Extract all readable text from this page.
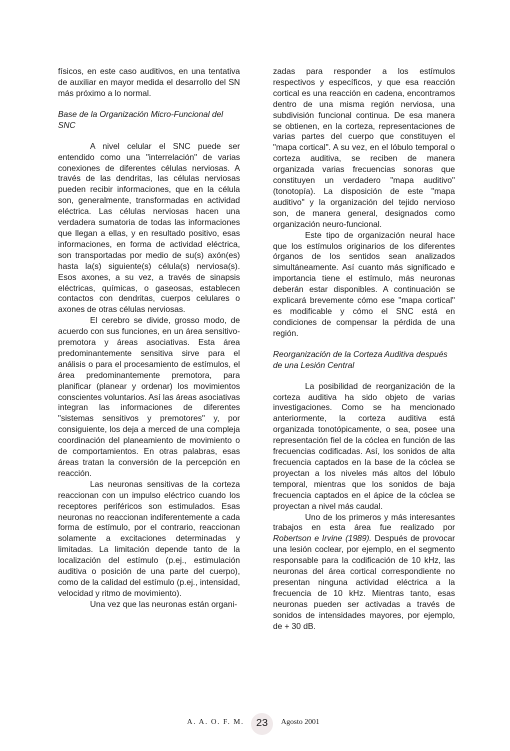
físicos, en este caso auditivos, en una tentativa de auxiliar en mayor medida el desarrollo del SN más próximo a lo normal.

Base de la Organización Micro-Funcional del SNC

A nivel celular el SNC puede ser entendido como una "interrelación" de varias conexiones de diferentes células nerviosas. A través de las dendritas, las células nerviosas pueden recibir informaciones, que en la célula son, generalmente, transformadas en actividad eléctrica. Las células nerviosas hacen una verdadera sumatoria de todas las informaciones que llegan a ellas, y en resultado positivo, esas informaciones, en forma de actividad eléctrica, son transportadas por medio de su(s) axón(es) hasta la(s) siguiente(s) célula(s) nerviosa(s). Esos axones, a su vez, a través de sinapsis eléctricas, químicas, o gaseosas, establecen contactos con dendritas, cuerpos celulares o axones de otras células nerviosas.

El cerebro se divide, grosso modo, de acuerdo con sus funciones, en un área sensitivo-premotora y áreas asociativas. Esta área predominantemente sensitiva sirve para el análisis o para el procesamiento de estímulos, el área predominantemente premotora, para planificar (planear y ordenar) los movimientos conscientes voluntarios. Así las áreas asociativas integran las informaciones de diferentes "sistemas sensitivos y premotores" y, por consiguiente, los deja a merced de una compleja coordinación del planeamiento de movimiento o de comportamientos. En otras palabras, esas áreas tratan la conversión de la percepción en reacción.

Las neuronas sensitivas de la corteza reaccionan con un impulso eléctrico cuando los receptores periféricos son estimulados. Esas neuronas no reaccionan indiferentemente a cada forma de estímulo, por el contrario, reaccionan solamente a excitaciones determinadas y limitadas. La limitación depende tanto de la localización del estímulo (p.ej., estimulación auditiva o posición de una parte del cuerpo), como de la calidad del estímulo (p.ej., intensidad, velocidad y ritmo de movimiento).

Una vez que las neuronas están organi-

zadas para responder a los estímulos respectivos y específicos, y que esa reacción cortical es una reacción en cadena, encontramos dentro de una misma región nerviosa, una subdivisión funcional continua. De esa manera se obtienen, en la corteza, representaciones de varias partes del cuerpo que constituyen el "mapa cortical". A su vez, en el lóbulo temporal o corteza auditiva, se reciben de manera organizada varias frecuencias sonoras que constituyen un verdadero "mapa auditivo" (tonotopía). La disposición de este "mapa auditivo" y la organización del tejido nervioso son, de manera general, designados como organización neuro-funcional.

Este tipo de organización neural hace que los estímulos originarios de los diferentes órganos de los sentidos sean analizados simultáneamente. Así cuanto más significado e importancia tiene el estímulo, más neuronas deberán estar disponibles. A continuación se explicará brevemente cómo ese "mapa cortical" es modificable y cómo el SNC está en condiciones de compensar la pérdida de una región.

Reorganización de la Corteza Auditiva después de una Lesión Central

La posibilidad de reorganización de la corteza auditiva ha sido objeto de varias investigaciones. Como se ha mencionado anteriormente, la corteza auditiva está organizada tonotópicamente, o sea, posee una representación fiel de la cóclea en función de las frecuencias codificadas. Así, los sonidos de alta frecuencia captados en la base de la cóclea se proyectan a los niveles más altos del lóbulo temporal, mientras que los sonidos de baja frecuencia captados en el ápice de la cóclea se proyectan a nivel más caudal.

Uno de los primeros y más interesantes trabajos en esta área fue realizado por Robertson e Irvine (1989). Después de provocar una lesión coclear, por ejemplo, en el segmento responsable para la codificación de 10 kHz, las neuronas del área cortical correspondiente no presentan ninguna actividad eléctrica a la frecuencia de 10 kHz. Mientras tanto, esas neuronas pueden ser activadas a través de sonidos de intensidades mayores, por ejemplo, de + 30 dB.

A. A. O. F. M.	23	Agosto 2001
